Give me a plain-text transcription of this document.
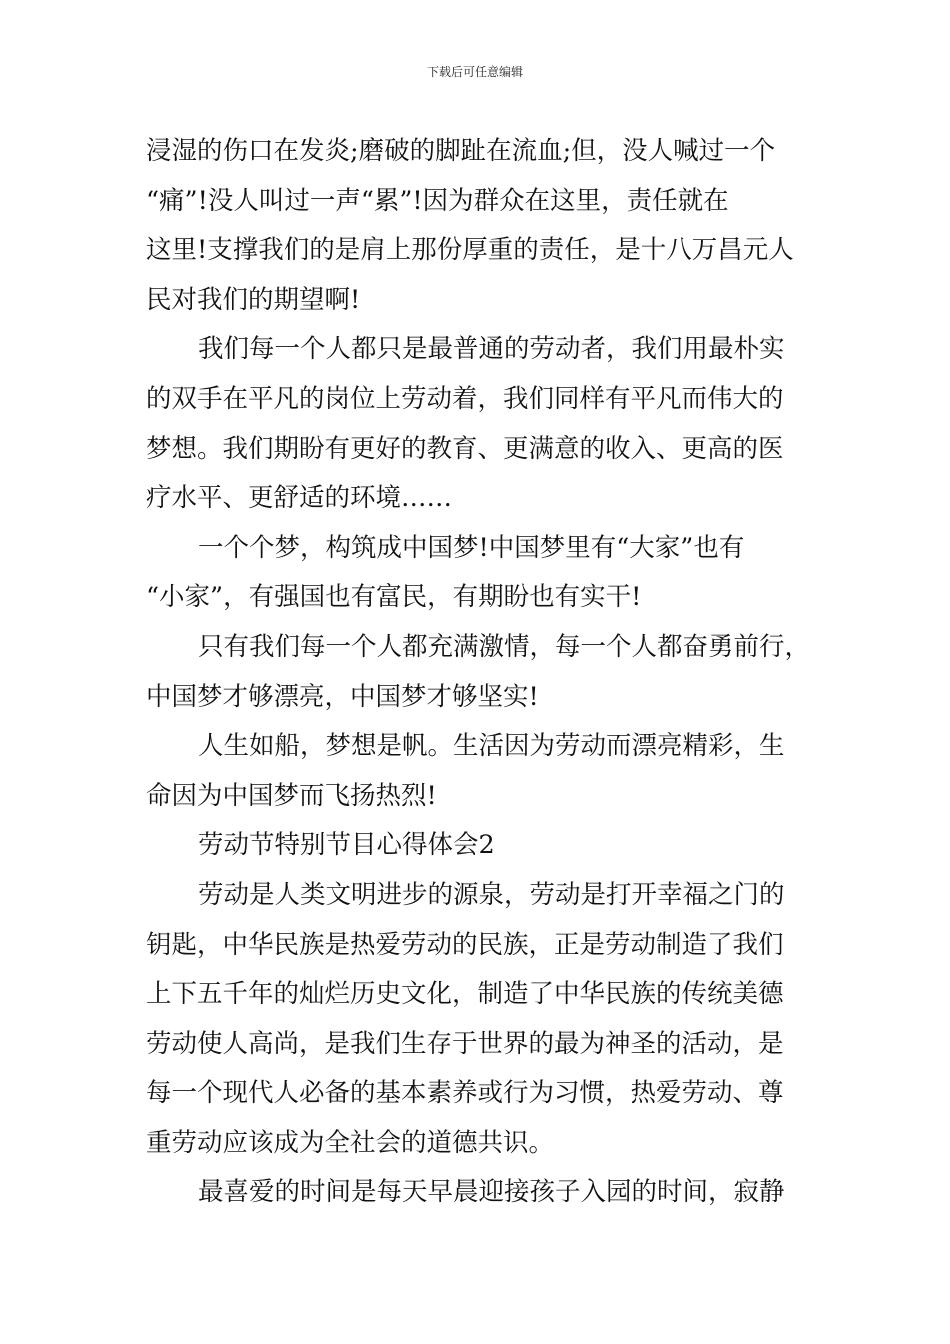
下载后可任意编辑
浸湿的伤口在发炎;磨破的脚趾在流血;但，没人喊过一个
“痛”!没人叫过一声“累”!因为群众在这里，责任就在
这里!支撑我们的是肩上那份厚重的责任，是十八万昌元人
民对我们的期望啊!
我们每一个人都只是最普通的劳动者，我们用最朴实
的双手在平凡的岗位上劳动着，我们同样有平凡而伟大的
梦想。我们期盼有更好的教育、更满意的收入、更高的医
疗水平、更舒适的环境……
一个个梦，构筑成中国梦!中国梦里有“大家”也有
“小家”，有强国也有富民，有期盼也有实干!
只有我们每一个人都充满激情，每一个人都奋勇前行，
中国梦才够漂亮，中国梦才够坚实!
人生如船，梦想是帆。生活因为劳动而漂亮精彩，生
命因为中国梦而飞扬热烈!
劳动节特别节目心得体会2
劳动是人类文明进步的源泉，劳动是打开幸福之门的
钥匙，中华民族是热爱劳动的民族，正是劳动制造了我们
上下五千年的灿烂历史文化，制造了中华民族的传统美德
劳动使人高尚，是我们生存于世界的最为神圣的活动，是
每一个现代人必备的基本素养或行为习惯，热爱劳动、尊
重劳动应该成为全社会的道德共识。
最喜爱的时间是每天早晨迎接孩子入园的时间，寂静
